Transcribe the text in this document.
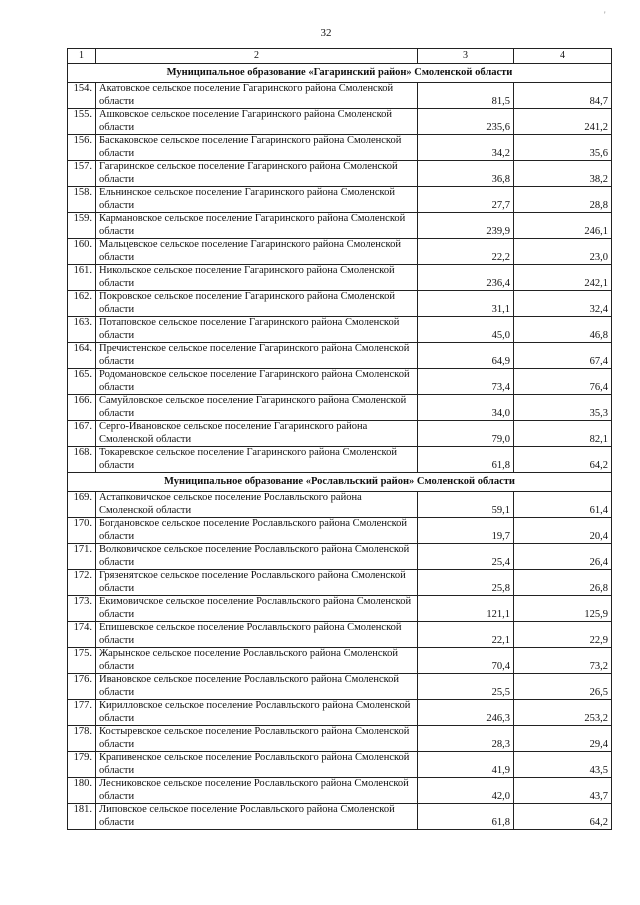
32
'
1	2	3	4
Муниципальное образование «Гагаринский район» Смоленской области			
154.	Акатовское сельское поселение Гагаринского района Смоленской области	81,5	84,7
155.	Ашковское сельское поселение Гагаринского района Смоленской области	235,6	241,2
156.	Баскаковское сельское поселение Гагаринского района Смоленской области	34,2	35,6
157.	Гагаринское сельское поселение Гагаринского района Смоленской области	36,8	38,2
158.	Ельнинское сельское поселение Гагаринского района Смоленской области	27,7	28,8
159.	Кармановское сельское поселение Гагаринского района Смоленской области	239,9	246,1
160.	Мальцевское сельское поселение Гагаринского района Смоленской области	22,2	23,0
161.	Никольское сельское поселение Гагаринского района Смоленской области	236,4	242,1
162.	Покровское сельское поселение Гагаринского района Смоленской области	31,1	32,4
163.	Потаповское сельское поселение Гагаринского района Смоленской области	45,0	46,8
164.	Пречистенское сельское поселение Гагаринского района Смоленской области	64,9	67,4
165.	Родомановское сельское поселение Гагаринского района Смоленской области	73,4	76,4
166.	Самуйловское сельское поселение Гагаринского района Смоленской области	34,0	35,3
167.	Серго-Ивановское сельское поселение Гагаринского района Смоленской области	79,0	82,1
168.	Токаревское сельское поселение Гагаринского района Смоленской области	61,8	64,2
Муниципальное образование «Рославльский район» Смоленской области			
169.	Астапковичское сельское поселение Рославльского района Смоленской области	59,1	61,4
170.	Богдановское сельское поселение Рославльского района Смоленской области	19,7	20,4
171.	Волковичское сельское поселение Рославльского района Смоленской области	25,4	26,4
172.	Грязенятское сельское поселение Рославльского района Смоленской области	25,8	26,8
173.	Екимовичское сельское поселение Рославльского района Смоленской области	121,1	125,9
174.	Епишевское сельское поселение Рославльского района Смоленской области	22,1	22,9
175.	Жарынское сельское поселение Рославльского района Смоленской области	70,4	73,2
176.	Ивановское сельское поселение Рославльского района Смоленской области	25,5	26,5
177.	Кирилловское сельское поселение Рославльского района Смоленской области	246,3	253,2
178.	Костыревское сельское поселение Рославльского района Смоленской области	28,3	29,4
179.	Крапивенское сельское поселение Рославльского района Смоленской области	41,9	43,5
180.	Лесниковское сельское поселение Рославльского района Смоленской области	42,0	43,7
181.	Липовское сельское поселение Рославльского района Смоленской области	61,8	64,2
